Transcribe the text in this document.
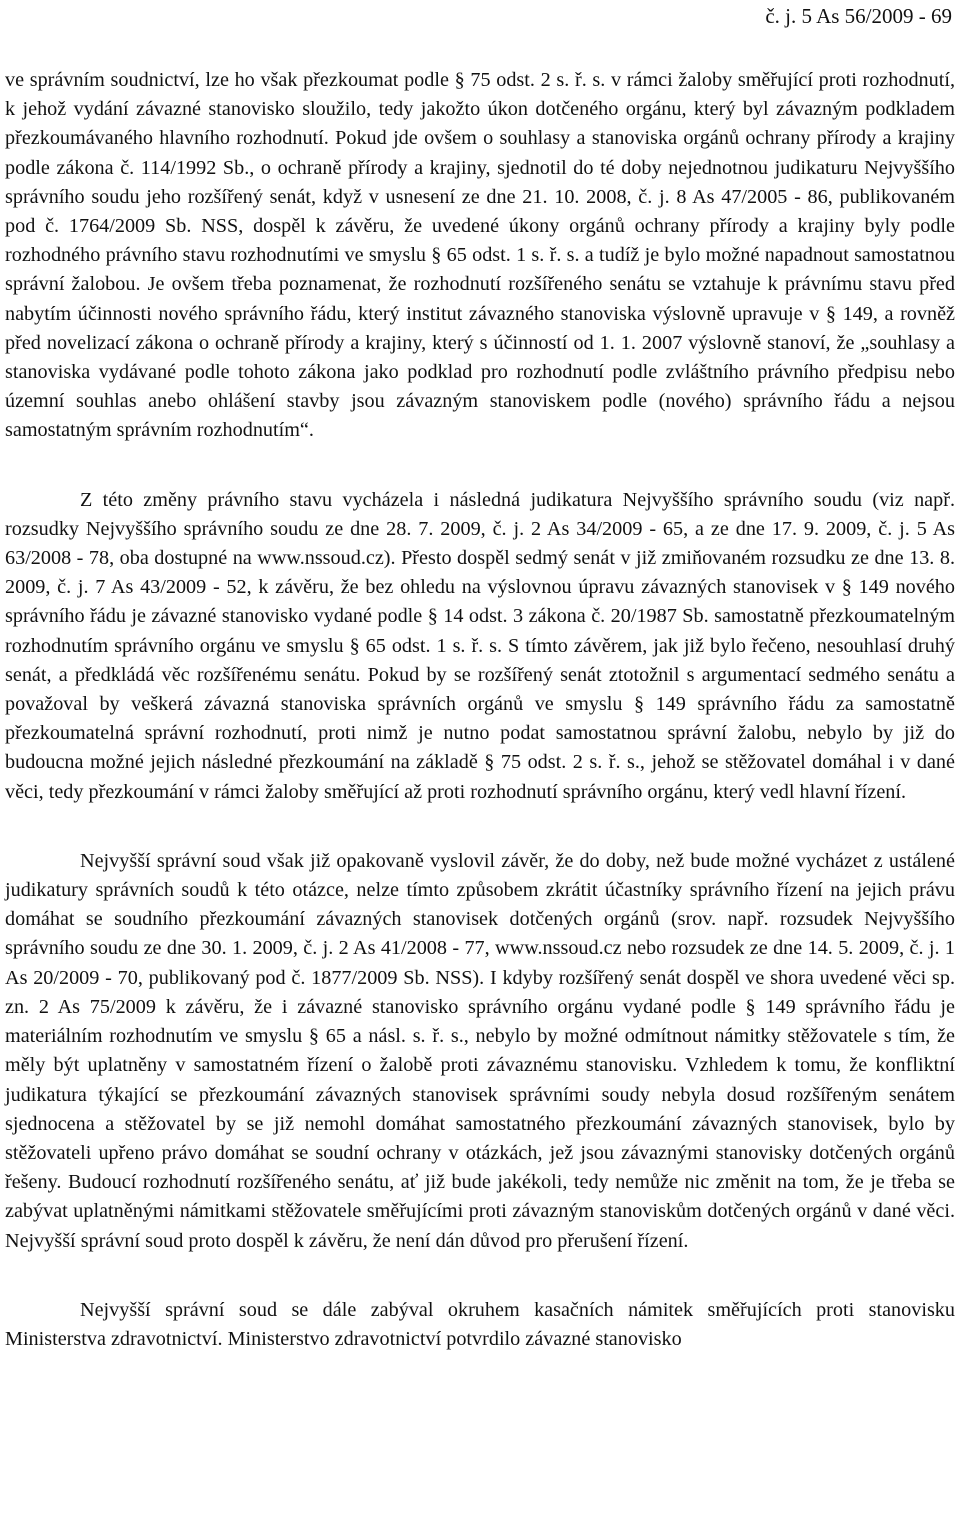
č. j. 5 As 56/2009 - 69

ve správním soudnictví, lze ho však přezkoumat podle § 75 odst. 2 s. ř. s. v rámci žaloby směřující proti rozhodnutí, k jehož vydání závazné stanovisko sloužilo, tedy jakožto úkon dotčeného orgánu, který byl závazným podkladem přezkoumávaného hlavního rozhodnutí. Pokud jde ovšem o souhlasy a stanoviska orgánů ochrany přírody a krajiny podle zákona č. 114/1992 Sb., o ochraně přírody a krajiny, sjednotil do té doby nejednotnou judikaturu Nejvyššího správního soudu jeho rozšířený senát, když v usnesení ze dne 21. 10. 2008, č. j. 8 As 47/2005 - 86, publikovaném pod č. 1764/2009 Sb. NSS, dospěl k závěru, že uvedené úkony orgánů ochrany přírody a krajiny byly podle rozhodného právního stavu rozhodnutími ve smyslu § 65 odst. 1 s. ř. s. a tudíž je bylo možné napadnout samostatnou správní žalobou. Je ovšem třeba poznamenat, že rozhodnutí rozšířeného senátu se vztahuje k právnímu stavu před nabytím účinnosti nového správního řádu, který institut závazného stanoviska výslovně upravuje v § 149, a rovněž před novelizací zákona o ochraně přírody a krajiny, který s účinností od 1. 1. 2007 výslovně stanoví, že „souhlasy a stanoviska vydávané podle tohoto zákona jako podklad pro rozhodnutí podle zvláštního právního předpisu nebo územní souhlas anebo ohlášení stavby jsou závazným stanoviskem podle (nového) správního řádu a nejsou samostatným správním rozhodnutím“.

Z této změny právního stavu vycházela i následná judikatura Nejvyššího správního soudu (viz např. rozsudky Nejvyššího správního soudu ze dne 28. 7. 2009, č. j. 2 As 34/2009 - 65, a ze dne 17. 9. 2009, č. j. 5 As 63/2008 - 78, oba dostupné na www.nssoud.cz). Přesto dospěl sedmý senát v již zmiňovaném rozsudku ze dne 13. 8. 2009, č. j. 7 As 43/2009 - 52, k závěru, že bez ohledu na výslovnou úpravu závazných stanovisek v § 149 nového správního řádu je závazné stanovisko vydané podle § 14 odst. 3 zákona č. 20/1987 Sb. samostatně přezkoumatelným rozhodnutím správního orgánu ve smyslu § 65 odst. 1 s. ř. s. S tímto závěrem, jak již bylo řečeno, nesouhlasí druhý senát, a předkládá věc rozšířenému senátu. Pokud by se rozšířený senát ztotožnil s argumentací sedmého senátu a považoval by veškerá závazná stanoviska správních orgánů ve smyslu § 149 správního řádu za samostatně přezkoumatelná správní rozhodnutí, proti nimž je nutno podat samostatnou správní žalobu, nebylo by již do budoucna možné jejich následné přezkoumání na základě § 75 odst. 2 s. ř. s., jehož se stěžovatel domáhal i v dané věci, tedy přezkoumání v rámci žaloby směřující až proti rozhodnutí správního orgánu, který vedl hlavní řízení.

Nejvyšší správní soud však již opakovaně vyslovil závěr, že do doby, než bude možné vycházet z ustálené judikatury správních soudů k této otázce, nelze tímto způsobem zkrátit účastníky správního řízení na jejich právu domáhat se soudního přezkoumání závazných stanovisek dotčených orgánů (srov. např. rozsudek Nejvyššího správního soudu ze dne 30. 1. 2009, č. j. 2 As 41/2008 - 77, www.nssoud.cz nebo rozsudek ze dne 14. 5. 2009, č. j. 1 As 20/2009 - 70, publikovaný pod č. 1877/2009 Sb. NSS). I kdyby rozšířený senát dospěl ve shora uvedené věci sp. zn. 2 As 75/2009 k závěru, že i závazné stanovisko správního orgánu vydané podle § 149 správního řádu je materiálním rozhodnutím ve smyslu § 65 a násl. s. ř. s., nebylo by možné odmítnout námitky stěžovatele s tím, že měly být uplatněny v samostatném řízení o žalobě proti závaznému stanovisku. Vzhledem k tomu, že konfliktní judikatura týkající se přezkoumání závazných stanovisek správními soudy nebyla dosud rozšířeným senátem sjednocena a stěžovatel by se již nemohl domáhat samostatného přezkoumání závazných stanovisek, bylo by stěžovateli upřeno právo domáhat se soudní ochrany v otázkách, jež jsou závaznými stanovisky dotčených orgánů řešeny. Budoucí rozhodnutí rozšířeného senátu, ať již bude jakékoli, tedy nemůže nic změnit na tom, že je třeba se zabývat uplatněnými námitkami stěžovatele směřujícími proti závazným stanoviskům dotčených orgánů v dané věci. Nejvyšší správní soud proto dospěl k závěru, že není dán důvod pro přerušení řízení.

Nejvyšší správní soud se dále zabýval okruhem kasačních námitek směřujících proti stanovisku Ministerstva zdravotnictví. Ministerstvo zdravotnictví potvrdilo závazné stanovisko
